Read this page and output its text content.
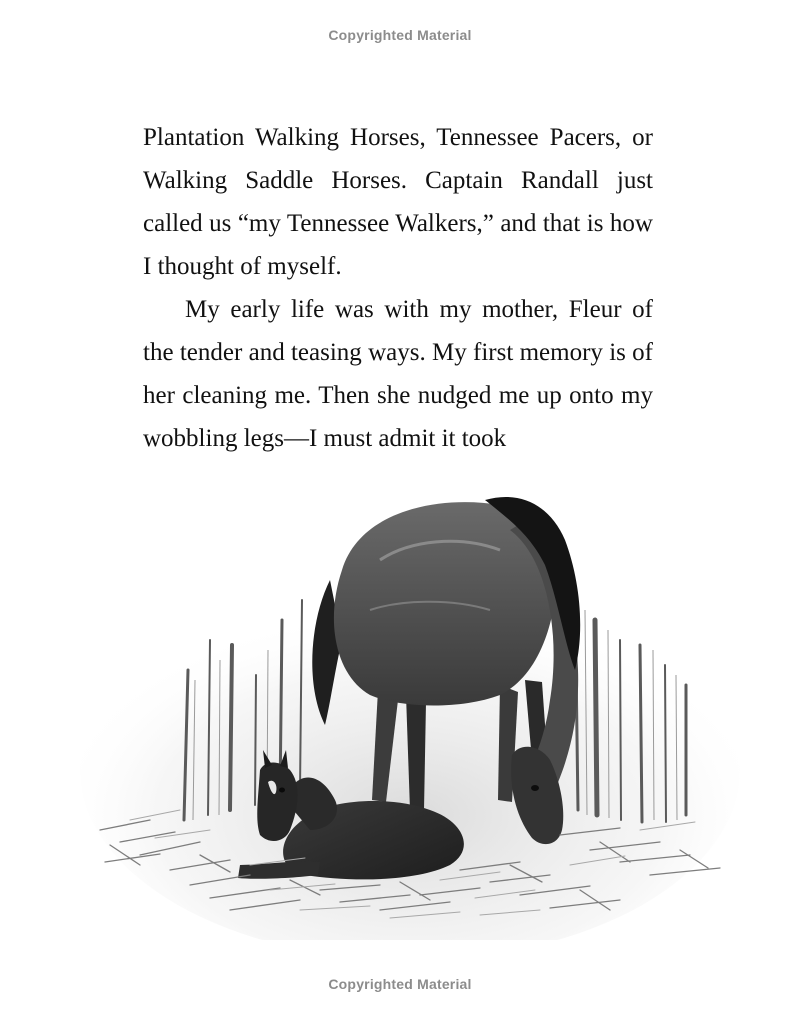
Copyrighted Material

Plantation Walking Horses, Tennessee Pacers, or Walking Saddle Horses. Captain Randall just called us “my Tennessee Walkers,” and that is how I thought of myself.

My early life was with my mother, Fleur of the tender and teasing ways. My first memory is of her cleaning me. Then she nudged me up onto my wobbling legs—I must admit it took

Copyrighted Material
